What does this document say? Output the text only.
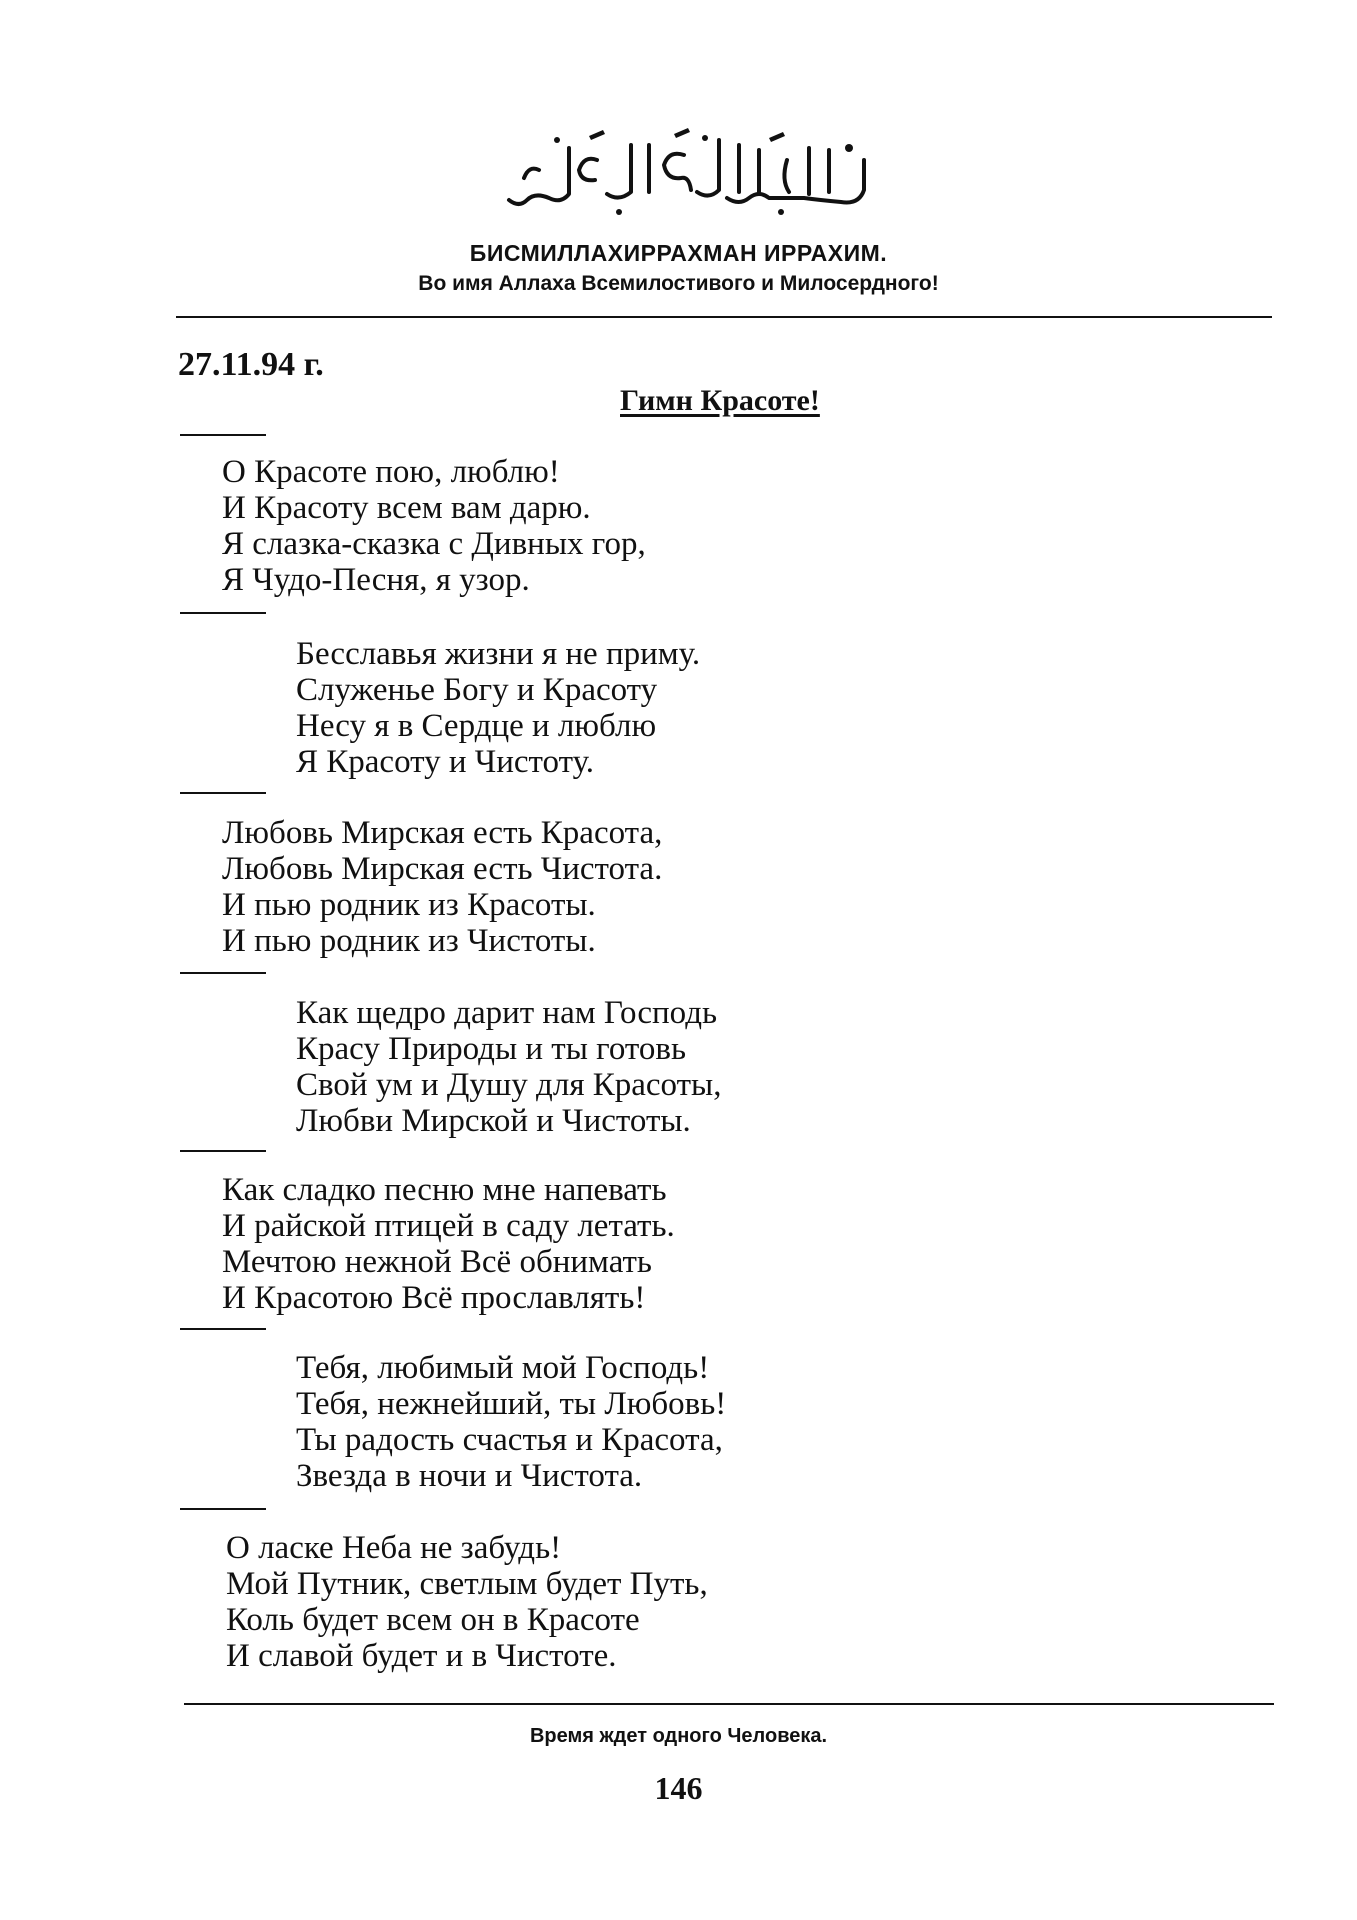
БИСМИЛЛАХИРРАХМАН ИРРАХИМ.
Во имя Аллаха Всемилостивого и Милосердного!
27.11.94 г.
Гимн Красоте!
О Красоте пою, люблю!
И Красоту всем вам дарю.
Я слазка-сказка с Дивных гор,
Я Чудо-Песня, я узор.
Бесславья жизни я не приму.
Служенье Богу и Красоту
Несу я в Сердце и люблю
Я Красоту и Чистоту.
Любовь Мирская есть Красота,
Любовь Мирская есть Чистота.
И пью родник из Красоты.
И пью родник из Чистоты.
Как щедро дарит нам Господь
Красу Природы и ты готовь
Свой ум и Душу для Красоты,
Любви Мирской и Чистоты.
Как сладко песню мне напевать
И райской птицей в саду летать.
Мечтою нежной Всё обнимать
И Красотою Всё прославлять!
Тебя, любимый мой Господь!
Тебя, нежнейший, ты Любовь!
Ты радость счастья и Красота,
Звезда в ночи и Чистота.
О ласке Неба не забудь!
Мой Путник, светлым будет Путь,
Коль будет всем он в Красоте
И славой будет и в Чистоте.
Время ждет одного Человека.
146
